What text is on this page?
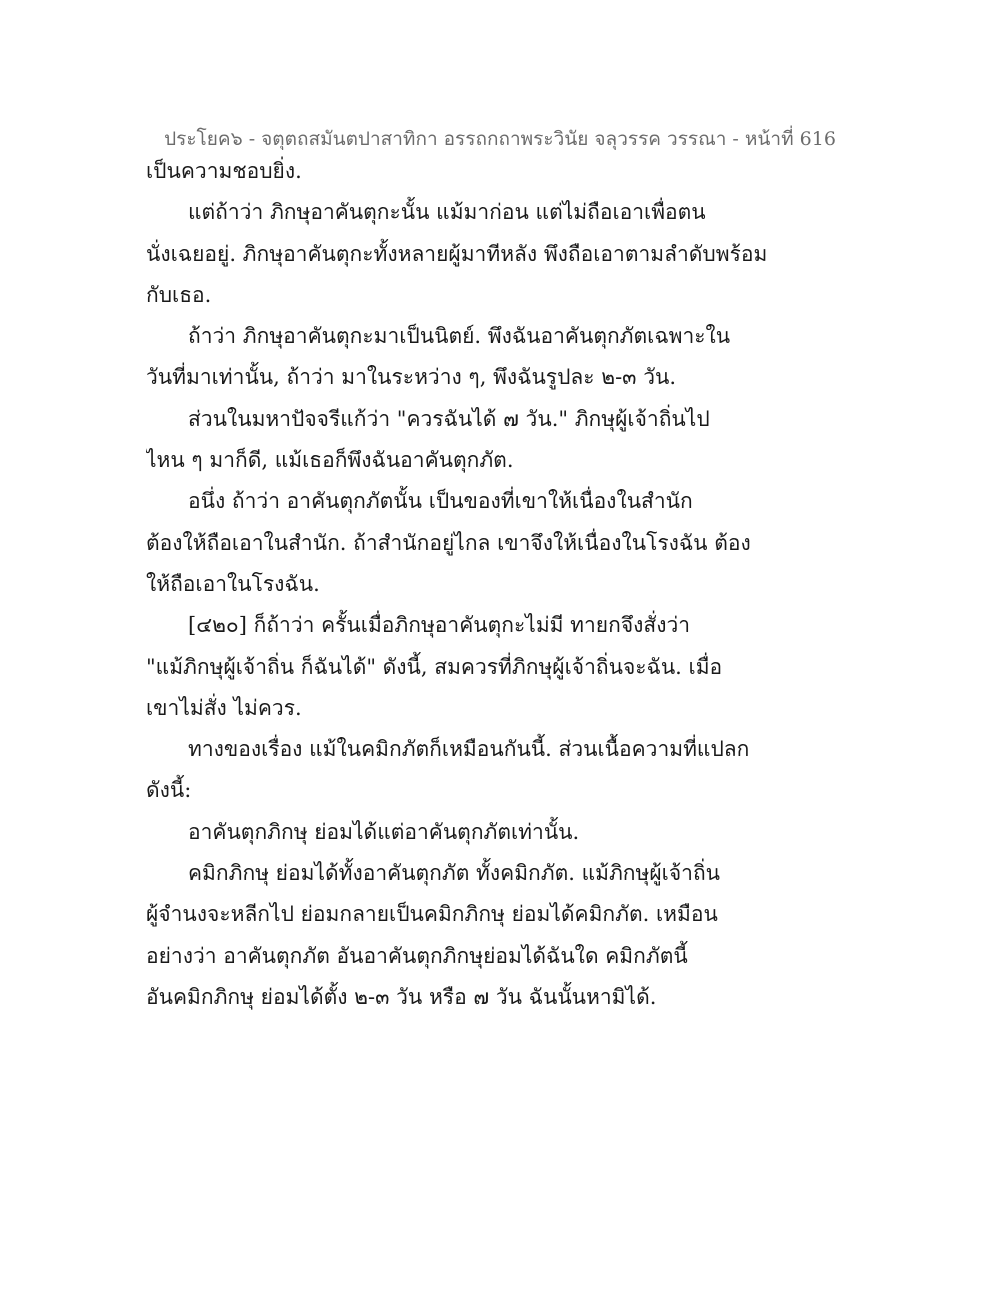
ประโยค๖ - จตุตถสมันตปาสาทิกา อรรถกถาพระวินัย จลุวรรค วรรณา - หน้าที่ 616
เป็นความชอบยิ่ง.
แต่ถ้าว่า ภิกษุอาคันตุกะนั้น แม้มาก่อน แต่ไม่ถือเอาเพื่อตน
นั่งเฉยอยู่. ภิกษุอาคันตุกะทั้งหลายผู้มาทีหลัง พึงถือเอาตามลำดับพร้อม
กับเธอ.
ถ้าว่า ภิกษุอาคันตุกะมาเป็นนิตย์. พึงฉันอาคันตุกภัตเฉพาะใน
วันที่มาเท่านั้น, ถ้าว่า มาในระหว่าง ๆ, พึงฉันรูปละ ๒-๓ วัน.
ส่วนในมหาปัจจรีแก้ว่า "ควรฉันได้ ๗ วัน." ภิกษุผู้เจ้าถิ่นไป
ไหน ๆ มาก็ดี, แม้เธอก็พึงฉันอาคันตุกภัต.
อนึ่ง ถ้าว่า อาคันตุกภัตนั้น เป็นของที่เขาให้เนื่องในสำนัก
ต้องให้ถือเอาในสำนัก. ถ้าสำนักอยู่ไกล เขาจึงให้เนื่องในโรงฉัน ต้อง
ให้ถือเอาในโรงฉัน.
[๔๒๐] ก็ถ้าว่า ครั้นเมื่อภิกษุอาคันตุกะไม่มี ทายกจึงสั่งว่า
"แม้ภิกษุผู้เจ้าถิ่น ก็ฉันได้" ดังนี้, สมควรที่ภิกษุผู้เจ้าถิ่นจะฉัน. เมื่อ
เขาไม่สั่ง ไม่ควร.
ทางของเรื่อง แม้ในคมิกภัตก็เหมือนกันนี้. ส่วนเนื้อความที่แปลก
ดังนี้:
อาคันตุกภิกษุ ย่อมได้แต่อาคันตุกภัตเท่านั้น.
คมิกภิกษุ ย่อมได้ทั้งอาคันตุกภัต ทั้งคมิกภัต. แม้ภิกษุผู้เจ้าถิ่น
ผู้จำนงจะหลีกไป ย่อมกลายเป็นคมิกภิกษุ ย่อมได้คมิกภัต. เหมือน
อย่างว่า อาคันตุกภัต อันอาคันตุกภิกษุย่อมได้ฉันใด คมิกภัตนี้
อันคมิกภิกษุ ย่อมได้ตั้ง ๒-๓ วัน หรือ ๗ วัน ฉันนั้นหามิได้.
